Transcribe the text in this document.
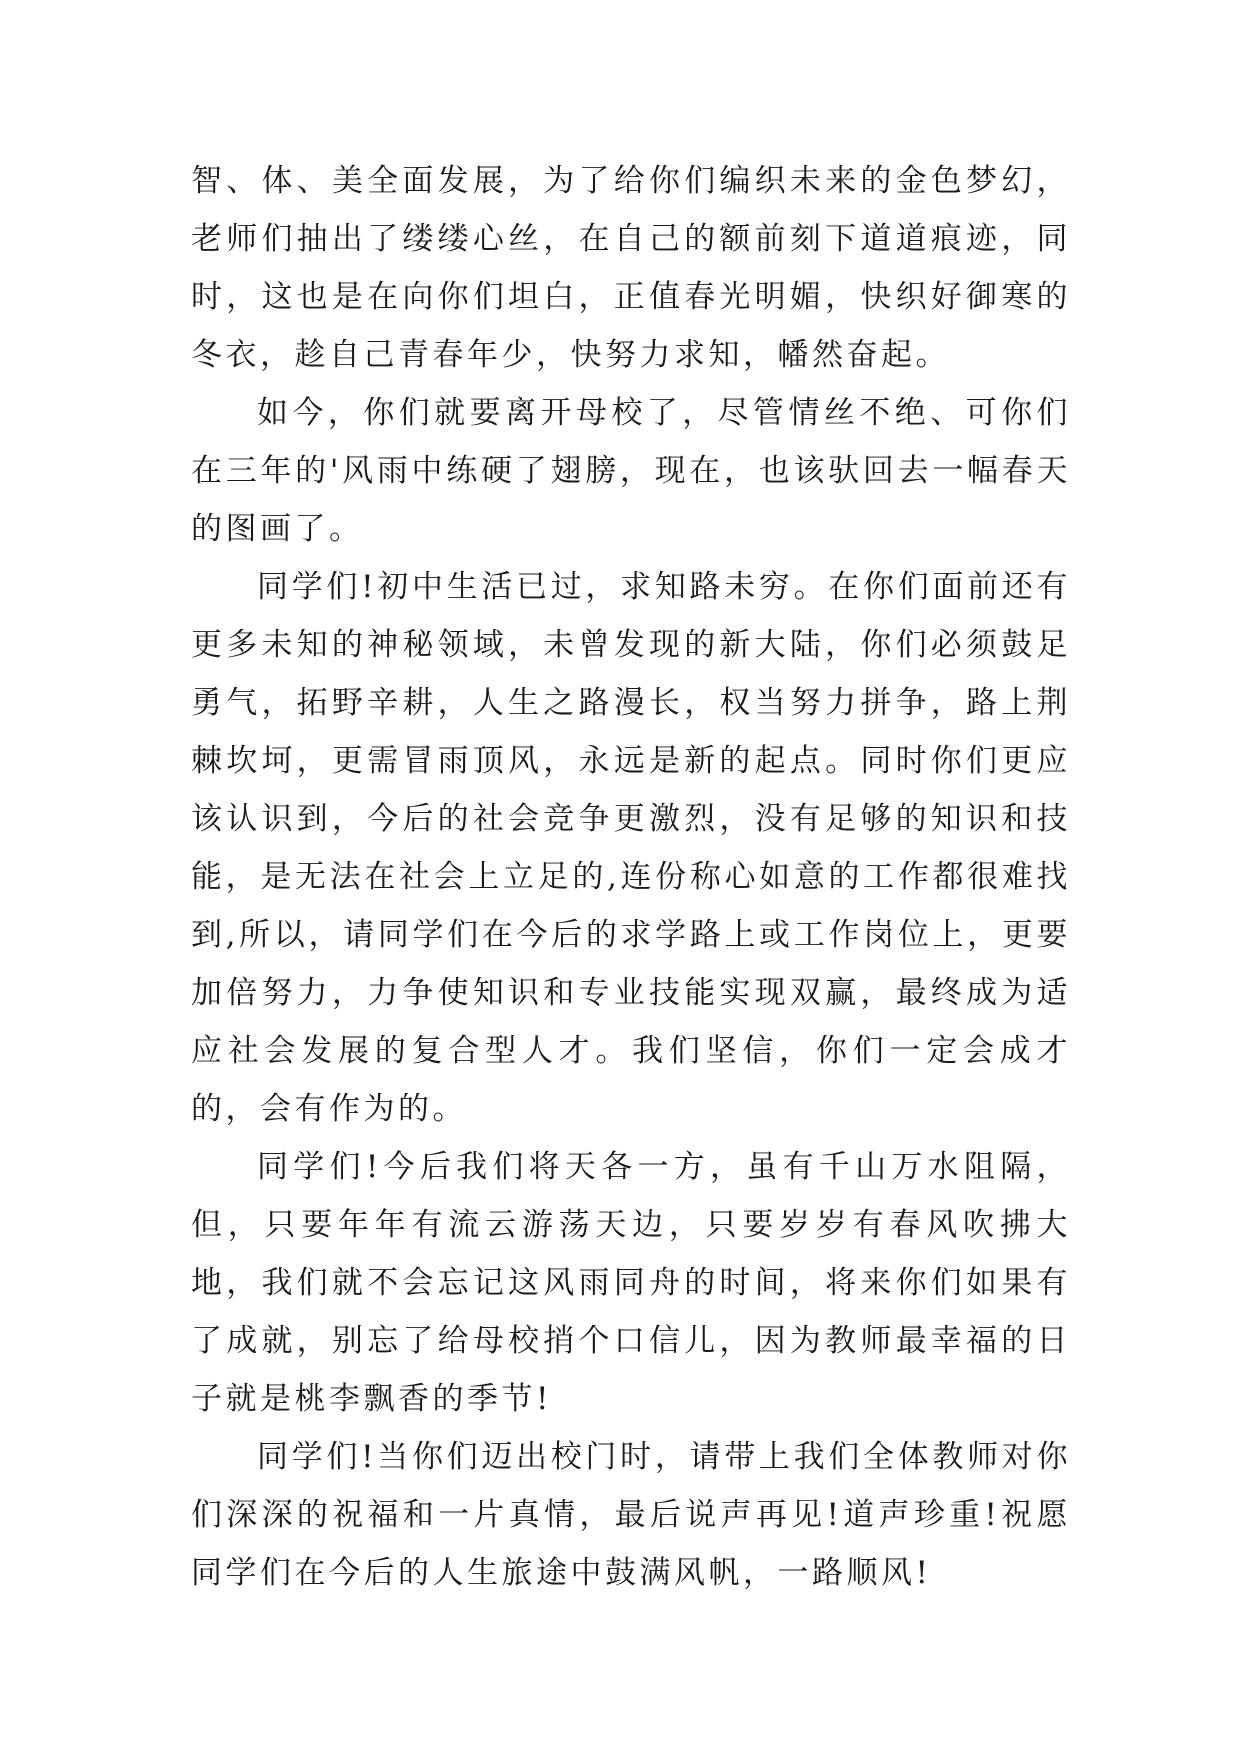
智、体、美全面发展，为了给你们编织未来的金色梦幻，老师们抽出了缕缕心丝，在自己的额前刻下道道痕迹，同时，这也是在向你们坦白，正值春光明媚，快织好御寒的冬衣，趁自己青春年少，快努力求知，幡然奋起。

如今，你们就要离开母校了，尽管情丝不绝、可你们在三年的'风雨中练硬了翅膀，现在，也该驮回去一幅春天的图画了。

同学们!初中生活已过，求知路未穷。在你们面前还有更多未知的神秘领域，未曾发现的新大陆，你们必须鼓足勇气，拓野辛耕，人生之路漫长，权当努力拼争，路上荆棘坎坷，更需冒雨顶风，永远是新的起点。同时你们更应该认识到，今后的社会竞争更激烈，没有足够的知识和技能，是无法在社会上立足的,连份称心如意的工作都很难找到,所以，请同学们在今后的求学路上或工作岗位上，更要加倍努力，力争使知识和专业技能实现双赢，最终成为适应社会发展的复合型人才。我们坚信，你们一定会成才的，会有作为的。

同学们!今后我们将天各一方，虽有千山万水阻隔，但，只要年年有流云游荡天边，只要岁岁有春风吹拂大地，我们就不会忘记这风雨同舟的时间，将来你们如果有了成就，别忘了给母校捎个口信儿，因为教师最幸福的日子就是桃李飘香的季节!

同学们!当你们迈出校门时，请带上我们全体教师对你们深深的祝福和一片真情，最后说声再见!道声珍重!祝愿同学们在今后的人生旅途中鼓满风帆，一路顺风!
